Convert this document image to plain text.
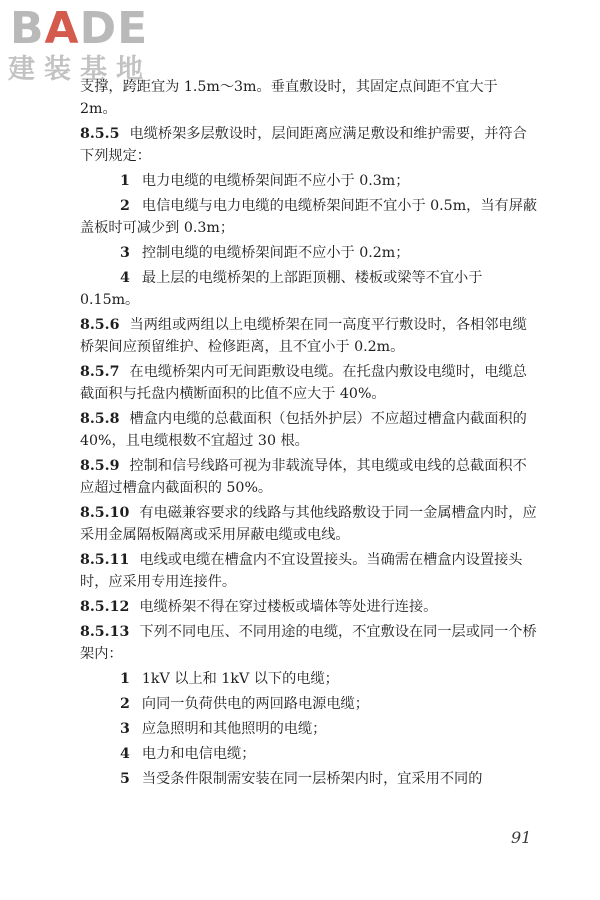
BADE
建装基地

支撑，跨距宜为 1.5m～3m。垂直敷设时，其固定点间距不宜大于 2m。

8.5.5 电缆桥架多层敷设时，层间距离应满足敷设和维护需要，并符合下列规定：

1 电力电缆的电缆桥架间距不应小于 0.3m；

2 电信电缆与电力电缆的电缆桥架间距不宜小于 0.5m，当有屏蔽盖板时可减少到 0.3m；

3 控制电缆的电缆桥架间距不应小于 0.2m；

4 最上层的电缆桥架的上部距顶棚、楼板或梁等不宜小于 0.15m。

8.5.6 当两组或两组以上电缆桥架在同一高度平行敷设时，各相邻电缆桥架间应预留维护、检修距离，且不宜小于 0.2m。

8.5.7 在电缆桥架内可无间距敷设电缆。在托盘内敷设电缆时，电缆总截面积与托盘内横断面积的比值不应大于 40%。

8.5.8 槽盒内电缆的总截面积（包括外护层）不应超过槽盒内截面积的 40%，且电缆根数不宜超过 30 根。

8.5.9 控制和信号线路可视为非载流导体，其电缆或电线的总截面积不应超过槽盒内截面积的 50%。

8.5.10 有电磁兼容要求的线路与其他线路敷设于同一金属槽盒内时，应采用金属隔板隔离或采用屏蔽电缆或电线。

8.5.11 电线或电缆在槽盒内不宜设置接头。当确需在槽盒内设置接头时，应采用专用连接件。

8.5.12 电缆桥架不得在穿过楼板或墙体等处进行连接。

8.5.13 下列不同电压、不同用途的电缆，不宜敷设在同一层或同一个桥架内：

1 1kV 以上和 1kV 以下的电缆；

2 向同一负荷供电的两回路电源电缆；

3 应急照明和其他照明的电缆；

4 电力和电信电缆；

5 当受条件限制需安装在同一层桥架内时，宜采用不同的

91
